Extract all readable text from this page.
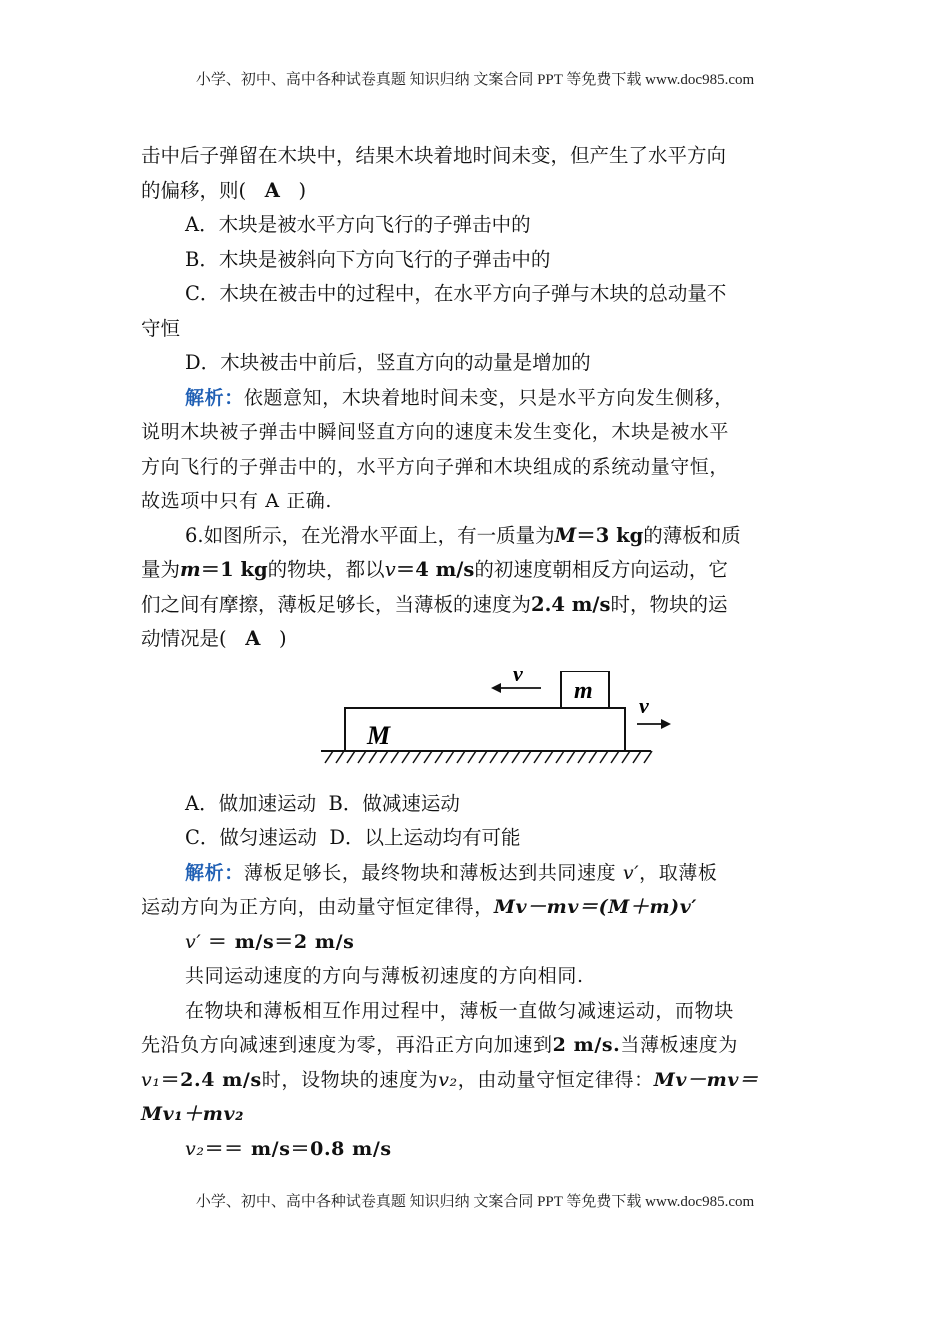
小学、初中、高中各种试卷真题 知识归纳 文案合同 PPT 等免费下载 www.doc985.com

击中后子弹留在木块中，结果木块着地时间未变，但产生了水平方向

的偏移，则( A )

A．木块是被水平方向飞行的子弹击中的

B．木块是被斜向下方向飞行的子弹击中的

C．木块在被击中的过程中，在水平方向子弹与木块的总动量不

守恒

D．木块被击中前后，竖直方向的动量是增加的

解析：依题意知，木块着地时间未变，只是水平方向发生侧移，

说明木块被子弹击中瞬间竖直方向的速度未发生变化，木块是被水平

方向飞行的子弹击中的，水平方向子弹和木块组成的系统动量守恒，

故选项中只有 A 正确.

6.如图所示，在光滑水平面上，有一质量为M＝3 kg的薄板和质

量为m＝1 kg的物块，都以v＝4 m/s的初速度朝相反方向运动，它

们之间有摩擦，薄板足够长，当薄板的速度为2.4 m/s时，物块的运

动情况是( A )

M
m
v
v

A．做加速运动 B．做减速运动

C．做匀速运动 D．以上运动均有可能

解析：薄板足够长，最终物块和薄板达到共同速度 v′，取薄板

运动方向为正方向，由动量守恒定律得，Mv－mv＝(M＋m)v′

v′ ＝ m/s＝2 m/s

共同运动速度的方向与薄板初速度的方向相同.

在物块和薄板相互作用过程中，薄板一直做匀减速运动，而物块

先沿负方向减速到速度为零，再沿正方向加速到2 m/s.当薄板速度为

v₁＝2.4 m/s时，设物块的速度为v₂，由动量守恒定律得：Mv－mv＝

Mv₁＋mv₂

v₂＝＝ m/s＝0.8 m/s

小学、初中、高中各种试卷真题 知识归纳 文案合同 PPT 等免费下载 www.doc985.com
